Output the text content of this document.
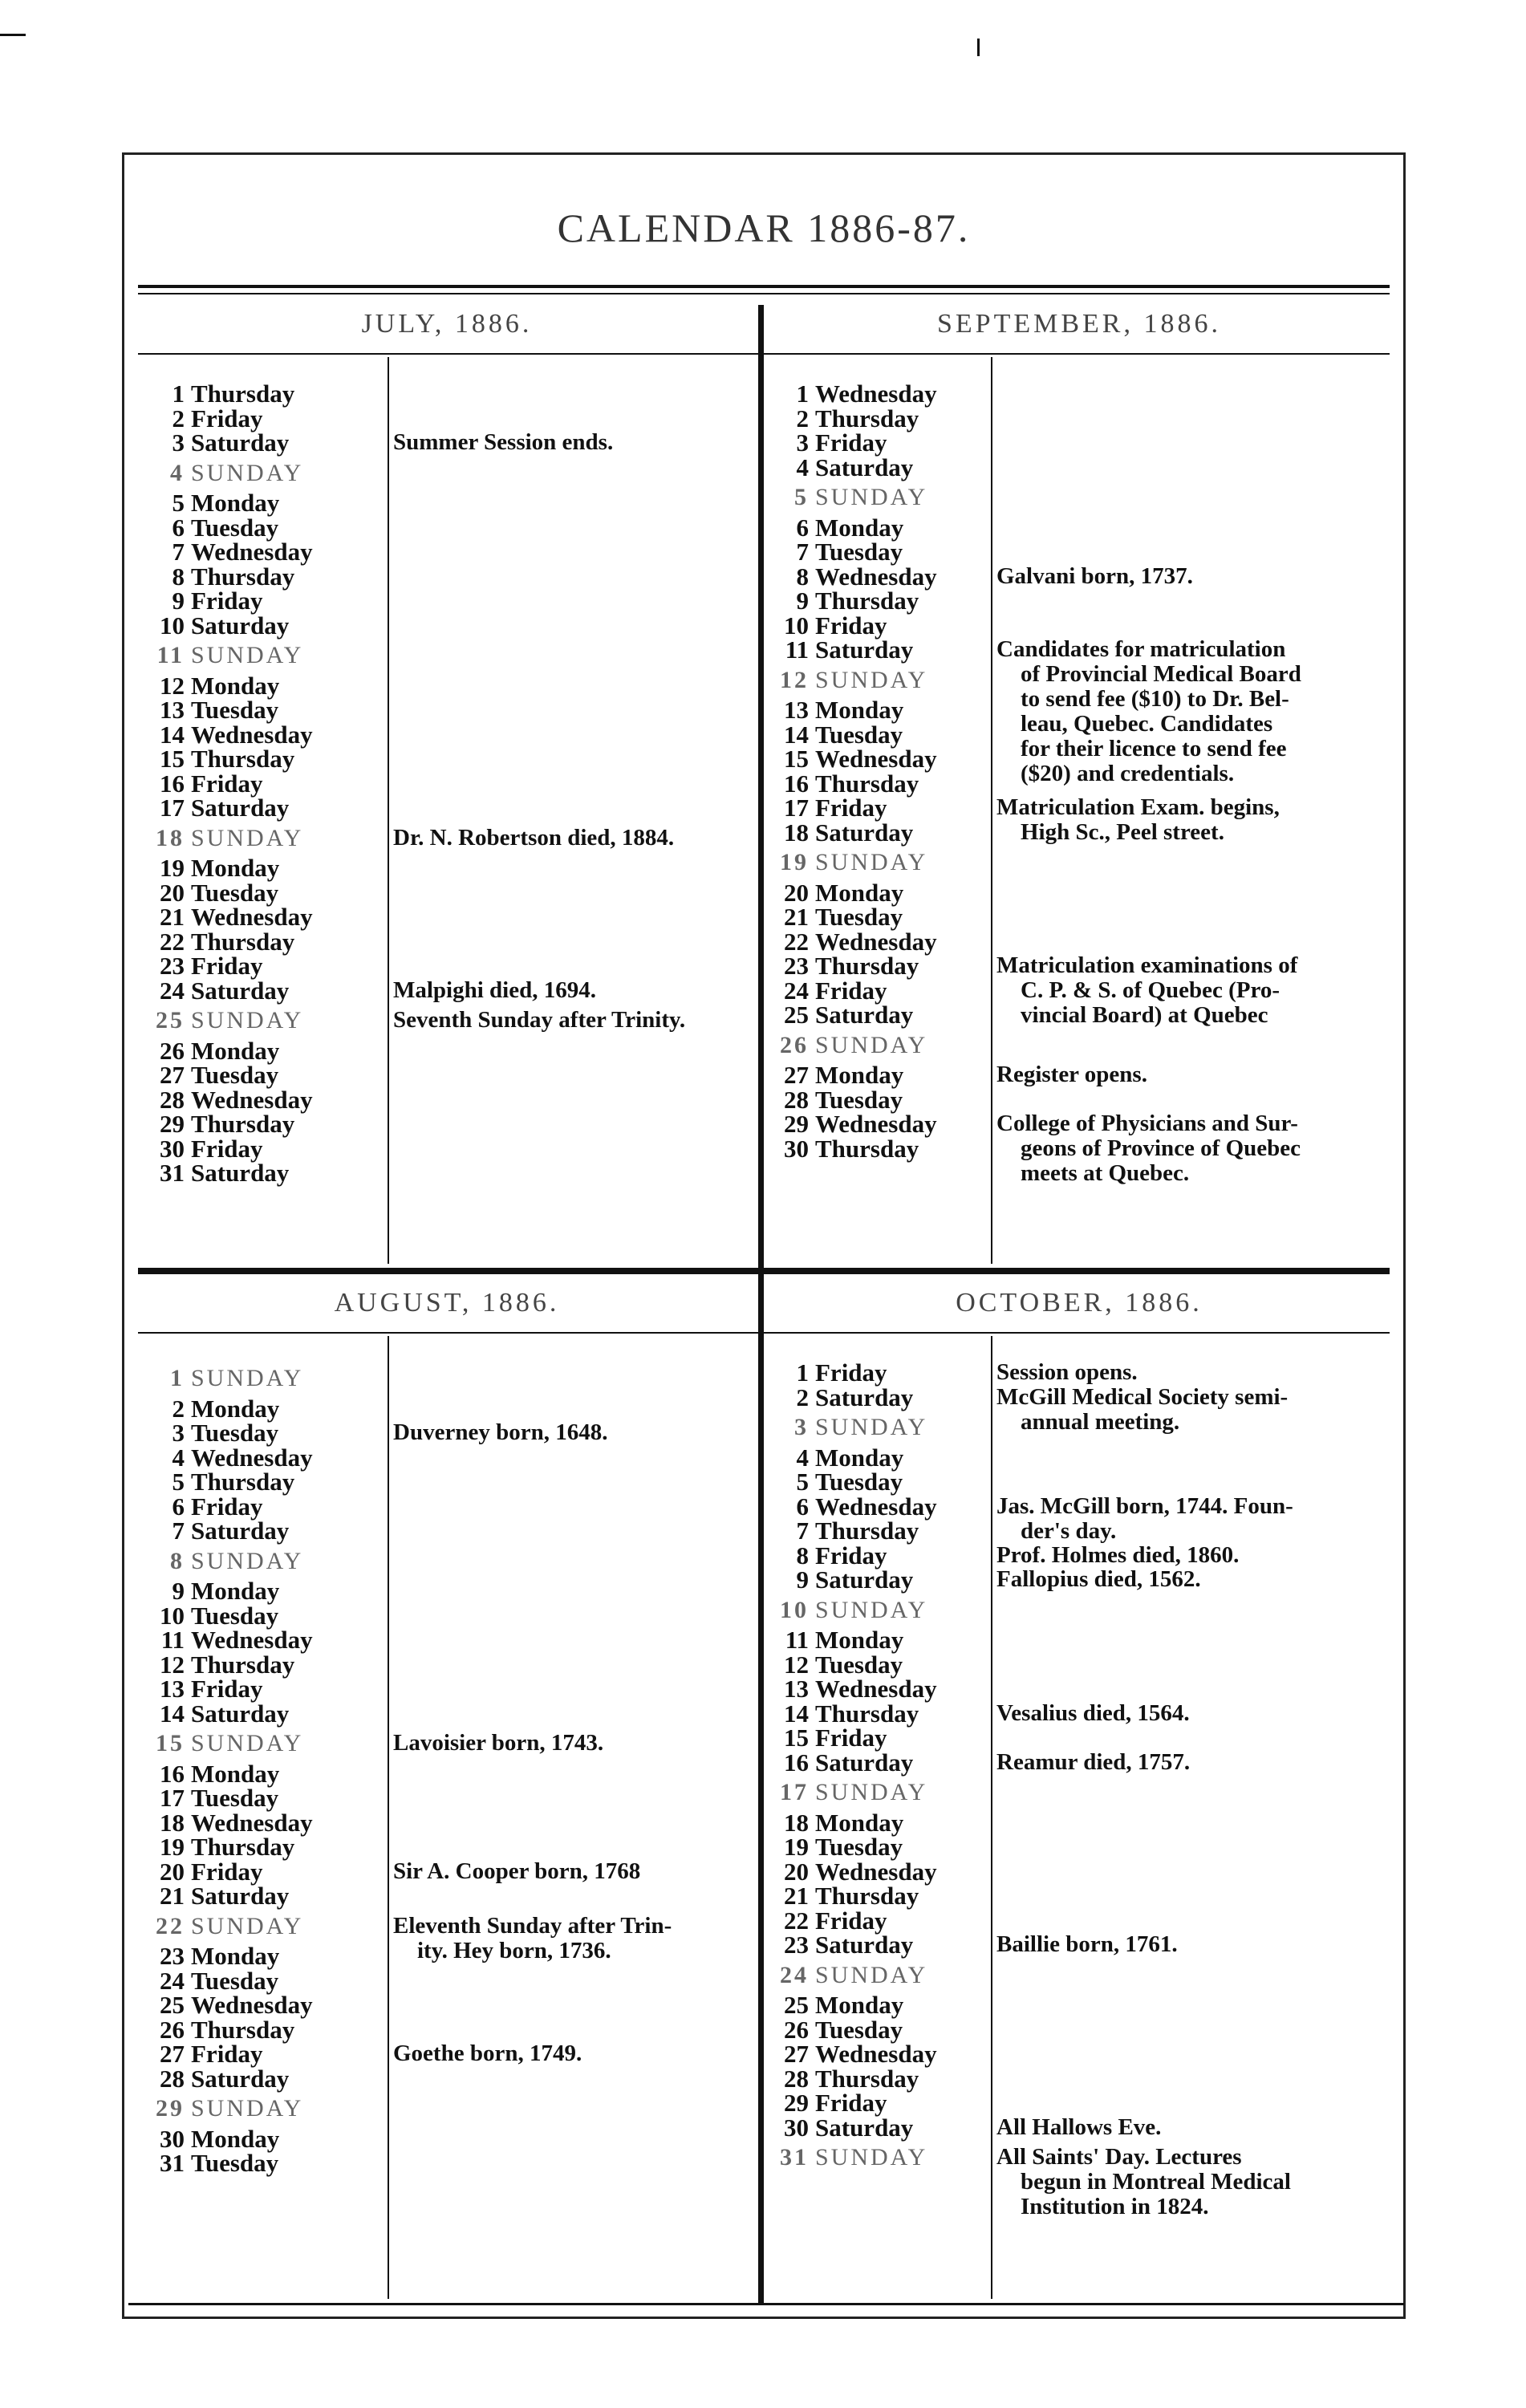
CALENDAR 1886-87.
JULY, 1886.	SEPTEMBER, 1886.
AUGUST, 1886.	OCTOBER, 1886.
1 Thursday
2 Friday
3 Saturday
4 SUNDAY
5 Monday
6 Tuesday
7 Wednesday
8 Thursday
9 Friday
10 Saturday
11 SUNDAY
12 Monday
13 Tuesday
14 Wednesday
15 Thursday
16 Friday
17 Saturday
18 SUNDAY
19 Monday
20 Tuesday
21 Wednesday
22 Thursday
23 Friday
24 Saturday
25 SUNDAY
26 Monday
27 Tuesday
28 Wednesday
29 Thursday
30 Friday
31 Saturday
Summer Session ends.
Dr. N. Robertson died, 1884.
Malpighi died, 1694.
Seventh Sunday after Trinity.
1 Wednesday
2 Thursday
3 Friday
4 Saturday
5 SUNDAY
6 Monday
7 Tuesday
8 Wednesday
9 Thursday
10 Friday
11 Saturday
12 SUNDAY
13 Monday
14 Tuesday
15 Wednesday
16 Thursday
17 Friday
18 Saturday
19 SUNDAY
20 Monday
21 Tuesday
22 Wednesday
23 Thursday
24 Friday
25 Saturday
26 SUNDAY
27 Monday
28 Tuesday
29 Wednesday
30 Thursday
Galvani born, 1737.
Candidates for matriculation
of Provincial Medical Board
to send fee ($10) to Dr. Bel-
leau, Quebec. Candidates
for their licence to send fee
($20) and credentials.
Matriculation Exam. begins,
High Sc., Peel street.
Matriculation examinations of
C. P. & S. of Quebec (Pro-
vincial Board) at Quebec
Register opens.
College of Physicians and Sur-
geons of Province of Quebec
meets at Quebec.
1 SUNDAY
2 Monday
3 Tuesday
4 Wednesday
5 Thursday
6 Friday
7 Saturday
8 SUNDAY
9 Monday
10 Tuesday
11 Wednesday
12 Thursday
13 Friday
14 Saturday
15 SUNDAY
16 Monday
17 Tuesday
18 Wednesday
19 Thursday
20 Friday
21 Saturday
22 SUNDAY
23 Monday
24 Tuesday
25 Wednesday
26 Thursday
27 Friday
28 Saturday
29 SUNDAY
30 Monday
31 Tuesday
Duverney born, 1648.
Lavoisier born, 1743.
Sir A. Cooper born, 1768
Eleventh Sunday after Trin-
ity. Hey born, 1736.
Goethe born, 1749.
1 Friday
2 Saturday
3 SUNDAY
4 Monday
5 Tuesday
6 Wednesday
7 Thursday
8 Friday
9 Saturday
10 SUNDAY
11 Monday
12 Tuesday
13 Wednesday
14 Thursday
15 Friday
16 Saturday
17 SUNDAY
18 Monday
19 Tuesday
20 Wednesday
21 Thursday
22 Friday
23 Saturday
24 SUNDAY
25 Monday
26 Tuesday
27 Wednesday
28 Thursday
29 Friday
30 Saturday
31 SUNDAY
Session opens.
McGill Medical Society semi-
annual meeting.
Jas. McGill born, 1744. Foun-
der's day.
Prof. Holmes died, 1860.
Fallopius died, 1562.
Vesalius died, 1564.
Reamur died, 1757.
Baillie born, 1761.
All Hallows Eve.
All Saints' Day. Lectures
begun in Montreal Medical
Institution in 1824.
